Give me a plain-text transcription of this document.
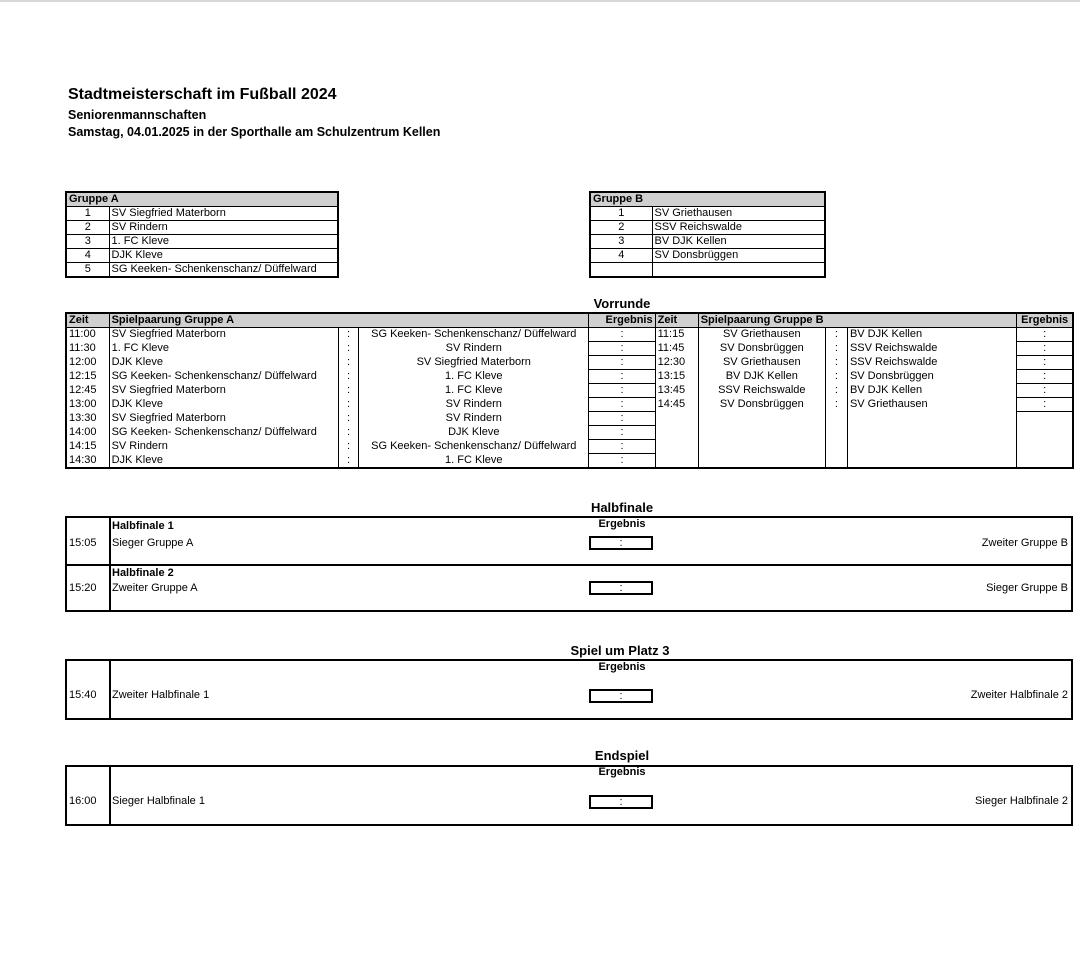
Stadtmeisterschaft im Fußball 2024
Seniorenmannschaften
Samstag, 04.01.2025 in der Sporthalle am Schulzentrum Kellen
Gruppe A	
1	SV Siegfried Materborn
2	SV Rindern
3	1. FC Kleve
4	DJK Kleve
5	SG Keeken- Schenkenschanz/ Düffelward
Gruppe B	
1	SV Griethausen
2	SSV Reichswalde
3	BV DJK Kellen
4	SV Donsbrüggen

Vorrunde
Zeit	Spielpaarung Gruppe A			Ergebnis	Zeit	Spielpaarung Gruppe B			Ergebnis
11:00	SV Siegfried Materborn	:	SG Keeken- Schenkenschanz/ Düffelward	:	11:15	SV Griethausen	:	BV DJK Kellen	:
11:30	1. FC Kleve	:	SV Rindern	:	11:45	SV Donsbrüggen	:	SSV Reichswalde	:
12:00	DJK Kleve	:	SV Siegfried Materborn	:	12:30	SV Griethausen	:	SSV Reichswalde	:
12:15	SG Keeken- Schenkenschanz/ Düffelward	:	1. FC Kleve	:	13:15	BV DJK Kellen	:	SV Donsbrüggen	:
12:45	SV Siegfried Materborn	:	1. FC Kleve	:	13:45	SSV Reichswalde	:	BV DJK Kellen	:
13:00	DJK Kleve	:	SV Rindern	:	14:45	SV Donsbrüggen	:	SV Griethausen	:
13:30	SV Siegfried Materborn	:	SV Rindern	:					
14:00	SG Keeken- Schenkenschanz/ Düffelward	:	DJK Kleve	:					
14:15	SV Rindern	:	SG Keeken- Schenkenschanz/ Düffelward	:					
14:30	DJK Kleve	:	1. FC Kleve	:					
Halbfinale
Ergebnis
Halbfinale 1
15:05 Sieger Gruppe A	:	Zweiter Gruppe B
Halbfinale 2
15:20 Zweiter Gruppe A	:	Sieger Gruppe B
Spiel um Platz 3
Ergebnis
15:40 Zweiter Halbfinale 1	:	Zweiter Halbfinale 2
Endspiel
Ergebnis
16:00 Sieger Halbfinale 1	:	Sieger Halbfinale 2
